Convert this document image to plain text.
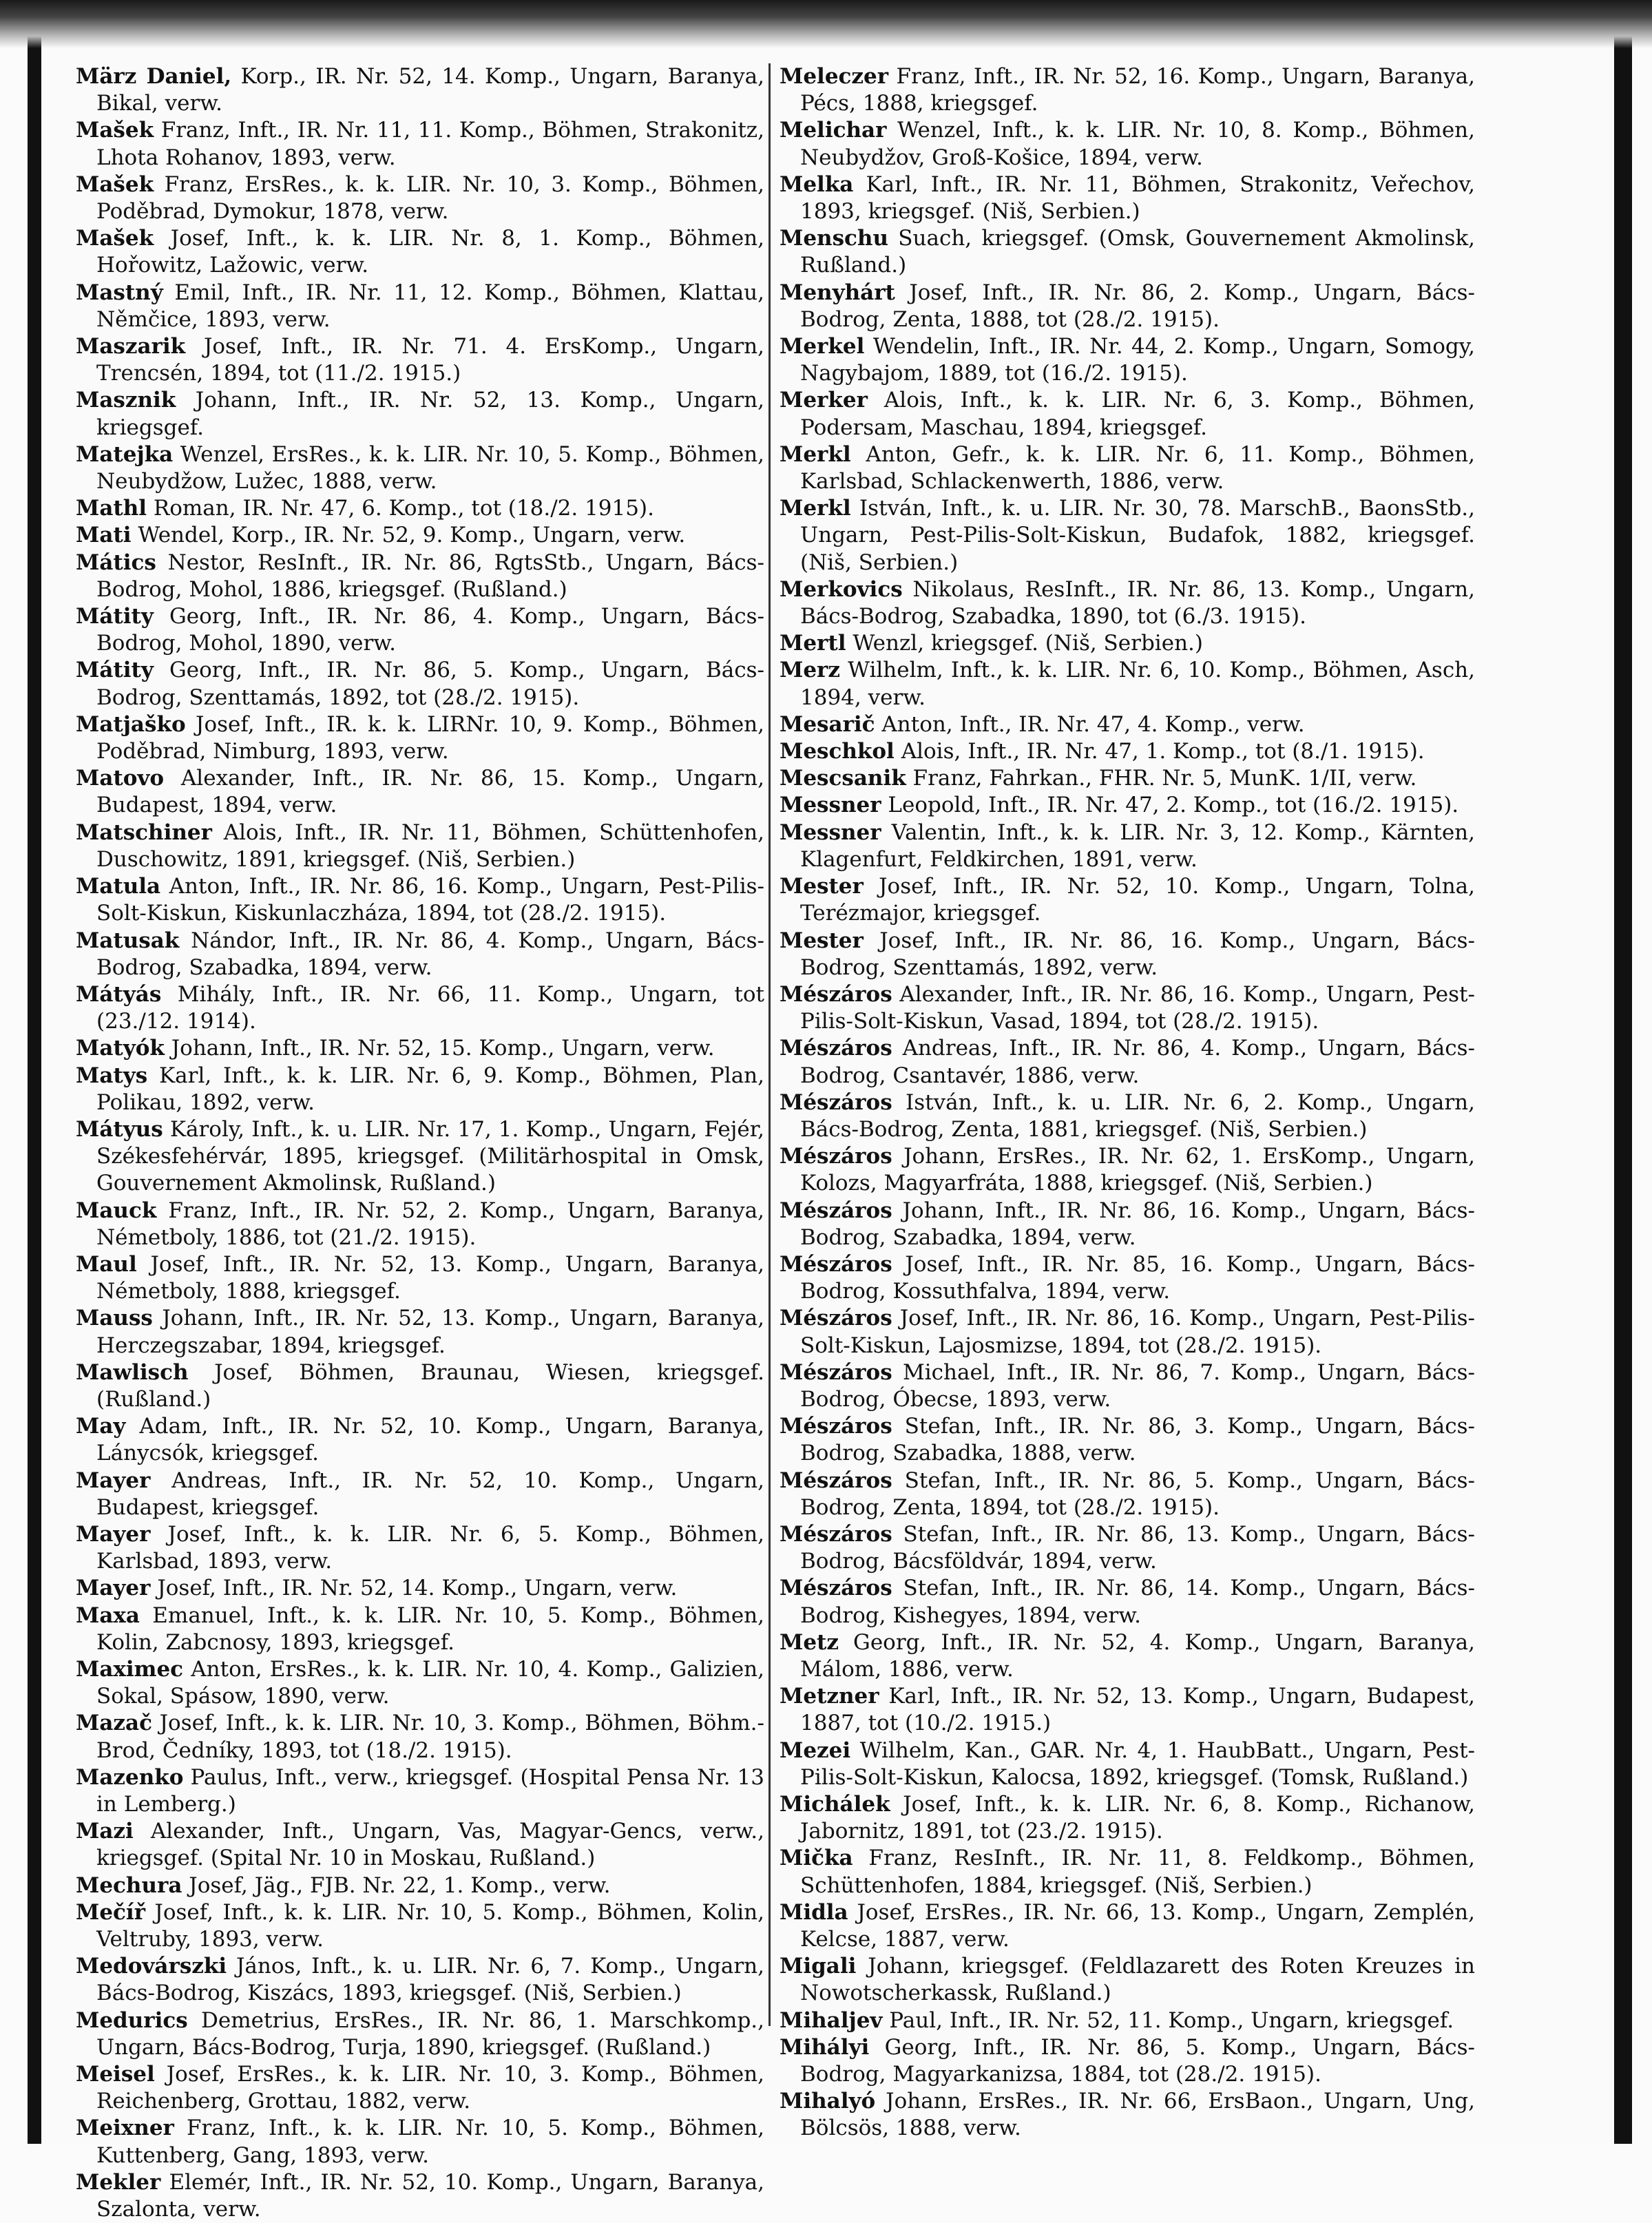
März Daniel, Korp., IR. Nr. 52, 14. Komp., Ungarn, Baranya, Bikal, verw.

Mašek Franz, Inft., IR. Nr. 11, 11. Komp., Böhmen, Strakonitz, Lhota Rohanov, 1893, verw.

Mašek Franz, ErsRes., k. k. LIR. Nr. 10, 3. Komp., Böhmen, Poděbrad, Dymokur, 1878, verw.

Mašek Josef, Inft., k. k. LIR. Nr. 8, 1. Komp., Böhmen, Hořowitz, Lažowic, verw.

Mastný Emil, Inft., IR. Nr. 11, 12. Komp., Böhmen, Klattau, Němčice, 1893, verw.

Maszarik Josef, Inft., IR. Nr. 71. 4. ErsKomp., Ungarn, Trencsén, 1894, tot (11./2. 1915.)

Masznik Johann, Inft., IR. Nr. 52, 13. Komp., Ungarn, kriegsgef.

Matejka Wenzel, ErsRes., k. k. LIR. Nr. 10, 5. Komp., Böhmen, Neubydžow, Lužec, 1888, verw.

Mathl Roman, IR. Nr. 47, 6. Komp., tot (18./2. 1915).

Mati Wendel, Korp., IR. Nr. 52, 9. Komp., Ungarn, verw.

Mátics Nestor, ResInft., IR. Nr. 86, RgtsStb., Ungarn, Bács-Bodrog, Mohol, 1886, kriegsgef. (Rußland.)

Mátity Georg, Inft., IR. Nr. 86, 4. Komp., Ungarn, Bács-Bodrog, Mohol, 1890, verw.

Mátity Georg, Inft., IR. Nr. 86, 5. Komp., Ungarn, Bács-Bodrog, Szenttamás, 1892, tot (28./2. 1915).

Matjaško Josef, Inft., IR. k. k. LIRNr. 10, 9. Komp., Böhmen, Poděbrad, Nimburg, 1893, verw.

Matovo Alexander, Inft., IR. Nr. 86, 15. Komp., Ungarn, Budapest, 1894, verw.

Matschiner Alois, Inft., IR. Nr. 11, Böhmen, Schüttenhofen, Duschowitz, 1891, kriegsgef. (Niš, Serbien.)

Matula Anton, Inft., IR. Nr. 86, 16. Komp., Ungarn, Pest-Pilis-Solt-Kiskun, Kiskunlaczháza, 1894, tot (28./2. 1915).

Matusak Nándor, Inft., IR. Nr. 86, 4. Komp., Ungarn, Bács-Bodrog, Szabadka, 1894, verw.

Mátyás Mihály, Inft., IR. Nr. 66, 11. Komp., Ungarn, tot (23./12. 1914).

Matyók Johann, Inft., IR. Nr. 52, 15. Komp., Ungarn, verw.

Matys Karl, Inft., k. k. LIR. Nr. 6, 9. Komp., Böhmen, Plan, Polikau, 1892, verw.

Mátyus Károly, Inft., k. u. LIR. Nr. 17, 1. Komp., Ungarn, Fejér, Székesfehérvár, 1895, kriegsgef. (Militärhospital in Omsk, Gouvernement Akmolinsk, Rußland.)

Mauck Franz, Inft., IR. Nr. 52, 2. Komp., Ungarn, Baranya, Németboly, 1886, tot (21./2. 1915).

Maul Josef, Inft., IR. Nr. 52, 13. Komp., Ungarn, Baranya, Németboly, 1888, kriegsgef.

Mauss Johann, Inft., IR. Nr. 52, 13. Komp., Ungarn, Baranya, Herczegszabar, 1894, kriegsgef.

Mawlisch Josef, Böhmen, Braunau, Wiesen, kriegsgef. (Rußland.)

May Adam, Inft., IR. Nr. 52, 10. Komp., Ungarn, Baranya, Lánycsók, kriegsgef.

Mayer Andreas, Inft., IR. Nr. 52, 10. Komp., Ungarn, Budapest, kriegsgef.

Mayer Josef, Inft., k. k. LIR. Nr. 6, 5. Komp., Böhmen, Karlsbad, 1893, verw.

Mayer Josef, Inft., IR. Nr. 52, 14. Komp., Ungarn, verw.

Maxa Emanuel, Inft., k. k. LIR. Nr. 10, 5. Komp., Böhmen, Kolin, Zabcnosy, 1893, kriegsgef.

Maximec Anton, ErsRes., k. k. LIR. Nr. 10, 4. Komp., Galizien, Sokal, Spásow, 1890, verw.

Mazač Josef, Inft., k. k. LIR. Nr. 10, 3. Komp., Böhmen, Böhm.-Brod, Čedníky, 1893, tot (18./2. 1915).

Mazenko Paulus, Inft., verw., kriegsgef. (Hospital Pensa Nr. 13 in Lemberg.)

Mazi Alexander, Inft., Ungarn, Vas, Magyar-Gencs, verw., kriegsgef. (Spital Nr. 10 in Moskau, Rußland.)

Mechura Josef, Jäg., FJB. Nr. 22, 1. Komp., verw.

Mečíř Josef, Inft., k. k. LIR. Nr. 10, 5. Komp., Böhmen, Kolin, Veltruby, 1893, verw.

Medovárszki János, Inft., k. u. LIR. Nr. 6, 7. Komp., Ungarn, Bács-Bodrog, Kiszács, 1893, kriegsgef. (Niš, Serbien.)

Medurics Demetrius, ErsRes., IR. Nr. 86, 1. Marschkomp., Ungarn, Bács-Bodrog, Turja, 1890, kriegsgef. (Rußland.)

Meisel Josef, ErsRes., k. k. LIR. Nr. 10, 3. Komp., Böhmen, Reichenberg, Grottau, 1882, verw.

Meixner Franz, Inft., k. k. LIR. Nr. 10, 5. Komp., Böhmen, Kuttenberg, Gang, 1893, verw.

Mekler Elemér, Inft., IR. Nr. 52, 10. Komp., Ungarn, Baranya, Szalonta, verw.

Meleczer Franz, Inft., IR. Nr. 52, 16. Komp., Ungarn, Baranya, Pécs, 1888, kriegsgef.

Melichar Wenzel, Inft., k. k. LIR. Nr. 10, 8. Komp., Böhmen, Neubydžov, Groß-Košice, 1894, verw.

Melka Karl, Inft., IR. Nr. 11, Böhmen, Strakonitz, Veřechov, 1893, kriegsgef. (Niš, Serbien.)

Menschu Suach, kriegsgef. (Omsk, Gouvernement Akmolinsk, Rußland.)

Menyhárt Josef, Inft., IR. Nr. 86, 2. Komp., Ungarn, Bács-Bodrog, Zenta, 1888, tot (28./2. 1915).

Merkel Wendelin, Inft., IR. Nr. 44, 2. Komp., Ungarn, Somogy, Nagybajom, 1889, tot (16./2. 1915).

Merker Alois, Inft., k. k. LIR. Nr. 6, 3. Komp., Böhmen, Podersam, Maschau, 1894, kriegsgef.

Merkl Anton, Gefr., k. k. LIR. Nr. 6, 11. Komp., Böhmen, Karlsbad, Schlackenwerth, 1886, verw.

Merkl István, Inft., k. u. LIR. Nr. 30, 78. MarschB., BaonsStb., Ungarn, Pest-Pilis-Solt-Kiskun, Budafok, 1882, kriegsgef. (Niš, Serbien.)

Merkovics Nikolaus, ResInft., IR. Nr. 86, 13. Komp., Ungarn, Bács-Bodrog, Szabadka, 1890, tot (6./3. 1915).

Mertl Wenzl, kriegsgef. (Niš, Serbien.)

Merz Wilhelm, Inft., k. k. LIR. Nr. 6, 10. Komp., Böhmen, Asch, 1894, verw.

Mesarič Anton, Inft., IR. Nr. 47, 4. Komp., verw.

Meschkol Alois, Inft., IR. Nr. 47, 1. Komp., tot (8./1. 1915).

Mescsanik Franz, Fahrkan., FHR. Nr. 5, MunK. 1/II, verw.

Messner Leopold, Inft., IR. Nr. 47, 2. Komp., tot (16./2. 1915).

Messner Valentin, Inft., k. k. LIR. Nr. 3, 12. Komp., Kärnten, Klagenfurt, Feldkirchen, 1891, verw.

Mester Josef, Inft., IR. Nr. 52, 10. Komp., Ungarn, Tolna, Terézmajor, kriegsgef.

Mester Josef, Inft., IR. Nr. 86, 16. Komp., Ungarn, Bács-Bodrog, Szenttamás, 1892, verw.

Mészáros Alexander, Inft., IR. Nr. 86, 16. Komp., Ungarn, Pest-Pilis-Solt-Kiskun, Vasad, 1894, tot (28./2. 1915).

Mészáros Andreas, Inft., IR. Nr. 86, 4. Komp., Ungarn, Bács-Bodrog, Csantavér, 1886, verw.

Mészáros István, Inft., k. u. LIR. Nr. 6, 2. Komp., Ungarn, Bács-Bodrog, Zenta, 1881, kriegsgef. (Niš, Serbien.)

Mészáros Johann, ErsRes., IR. Nr. 62, 1. ErsKomp., Ungarn, Kolozs, Magyarfráta, 1888, kriegsgef. (Niš, Serbien.)

Mészáros Johann, Inft., IR. Nr. 86, 16. Komp., Ungarn, Bács-Bodrog, Szabadka, 1894, verw.

Mészáros Josef, Inft., IR. Nr. 85, 16. Komp., Ungarn, Bács-Bodrog, Kossuthfalva, 1894, verw.

Mészáros Josef, Inft., IR. Nr. 86, 16. Komp., Ungarn, Pest-Pilis-Solt-Kiskun, Lajosmizse, 1894, tot (28./2. 1915).

Mészáros Michael, Inft., IR. Nr. 86, 7. Komp., Ungarn, Bács-Bodrog, Óbecse, 1893, verw.

Mészáros Stefan, Inft., IR. Nr. 86, 3. Komp., Ungarn, Bács-Bodrog, Szabadka, 1888, verw.

Mészáros Stefan, Inft., IR. Nr. 86, 5. Komp., Ungarn, Bács-Bodrog, Zenta, 1894, tot (28./2. 1915).

Mészáros Stefan, Inft., IR. Nr. 86, 13. Komp., Ungarn, Bács-Bodrog, Bácsföldvár, 1894, verw.

Mészáros Stefan, Inft., IR. Nr. 86, 14. Komp., Ungarn, Bács-Bodrog, Kishegyes, 1894, verw.

Metz Georg, Inft., IR. Nr. 52, 4. Komp., Ungarn, Baranya, Málom, 1886, verw.

Metzner Karl, Inft., IR. Nr. 52, 13. Komp., Ungarn, Budapest, 1887, tot (10./2. 1915.)

Mezei Wilhelm, Kan., GAR. Nr. 4, 1. HaubBatt., Ungarn, Pest-Pilis-Solt-Kiskun, Kalocsa, 1892, kriegsgef. (Tomsk, Rußland.)

Michálek Josef, Inft., k. k. LIR. Nr. 6, 8. Komp., Richanow, Jabornitz, 1891, tot (23./2. 1915).

Mička Franz, ResInft., IR. Nr. 11, 8. Feldkomp., Böhmen, Schüttenhofen, 1884, kriegsgef. (Niš, Serbien.)

Midla Josef, ErsRes., IR. Nr. 66, 13. Komp., Ungarn, Zemplén, Kelcse, 1887, verw.

Migali Johann, kriegsgef. (Feldlazarett des Roten Kreuzes in Nowotscherkassk, Rußland.)

Mihaljev Paul, Inft., IR. Nr. 52, 11. Komp., Ungarn, kriegsgef.

Mihályi Georg, Inft., IR. Nr. 86, 5. Komp., Ungarn, Bács-Bodrog, Magyarkanizsa, 1884, tot (28./2. 1915).

Mihalyó Johann, ErsRes., IR. Nr. 66, ErsBaon., Ungarn, Ung, Bölcsös, 1888, verw.
